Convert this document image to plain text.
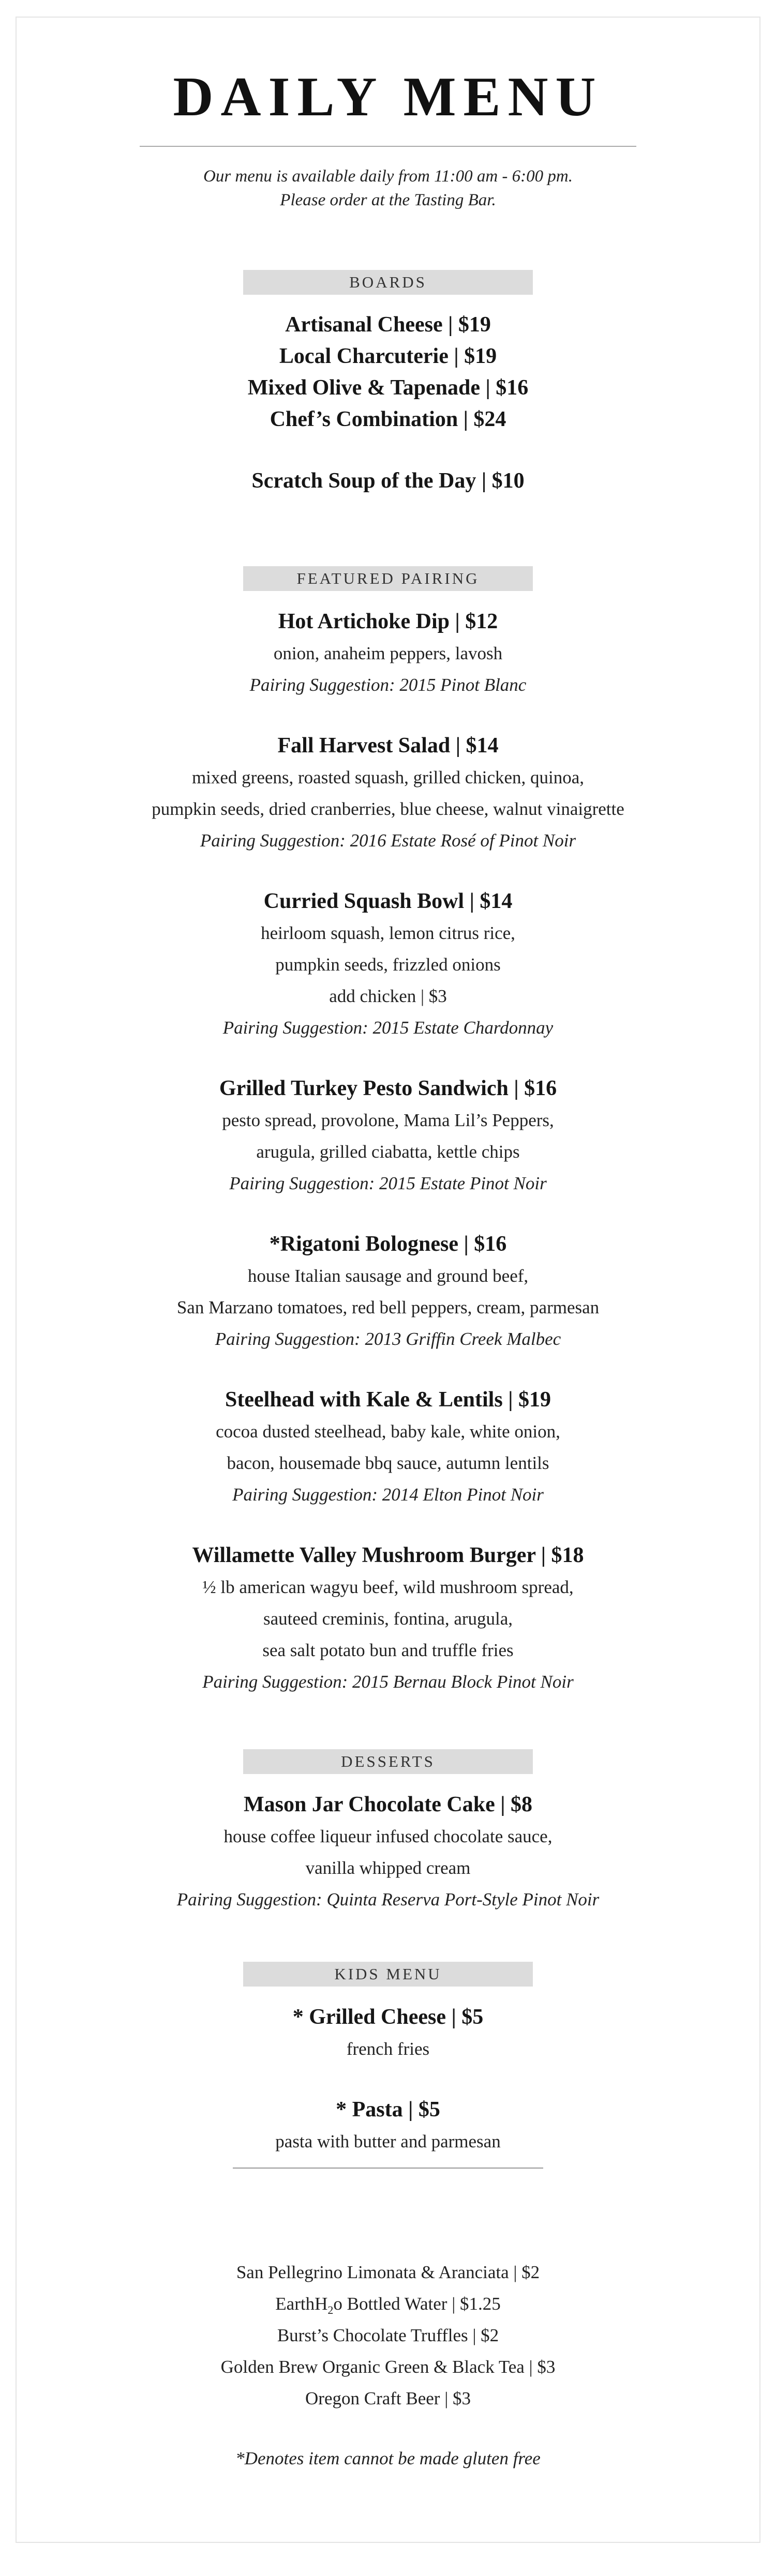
DAILY MENU
Our menu is available daily from 11:00 am - 6:00 pm.
Please order at the Tasting Bar.
BOARDS
Artisanal Cheese | $19
Local Charcuterie | $19
Mixed Olive & Tapenade | $16
Chef’s Combination | $24
Scratch Soup of the Day | $10
FEATURED PAIRING
Hot Artichoke Dip | $12
onion, anaheim peppers, lavosh
Pairing Suggestion: 2015 Pinot Blanc
Fall Harvest Salad | $14
mixed greens, roasted squash, grilled chicken, quinoa,
pumpkin seeds, dried cranberries, blue cheese, walnut vinaigrette
Pairing Suggestion: 2016 Estate Rosé of Pinot Noir
Curried Squash Bowl | $14
heirloom squash, lemon citrus rice,
pumpkin seeds, frizzled onions
add chicken | $3
Pairing Suggestion: 2015 Estate Chardonnay
Grilled Turkey Pesto Sandwich | $16
pesto spread, provolone, Mama Lil’s Peppers,
arugula, grilled ciabatta, kettle chips
Pairing Suggestion: 2015 Estate Pinot Noir
*Rigatoni Bolognese | $16
house Italian sausage and ground beef,
San Marzano tomatoes, red bell peppers, cream, parmesan
Pairing Suggestion: 2013 Griffin Creek Malbec
Steelhead with Kale & Lentils | $19
cocoa dusted steelhead, baby kale, white onion,
bacon, housemade bbq sauce, autumn lentils
Pairing Suggestion: 2014 Elton Pinot Noir
Willamette Valley Mushroom Burger | $18
½ lb american wagyu beef, wild mushroom spread,
sauteed creminis, fontina, arugula,
sea salt potato bun and truffle fries
Pairing Suggestion: 2015 Bernau Block Pinot Noir
DESSERTS
Mason Jar Chocolate Cake | $8
house coffee liqueur infused chocolate sauce,
vanilla whipped cream
Pairing Suggestion: Quinta Reserva Port-Style Pinot Noir
KIDS MENU
* Grilled Cheese | $5
french fries
* Pasta | $5
pasta with butter and parmesan
San Pellegrino Limonata & Aranciata | $2
EarthH$_2$o Bottled Water | $1.25
Burst’s Chocolate Truffles | $2
Golden Brew Organic Green & Black Tea | $3
Oregon Craft Beer | $3
*Denotes item cannot be made gluten free
